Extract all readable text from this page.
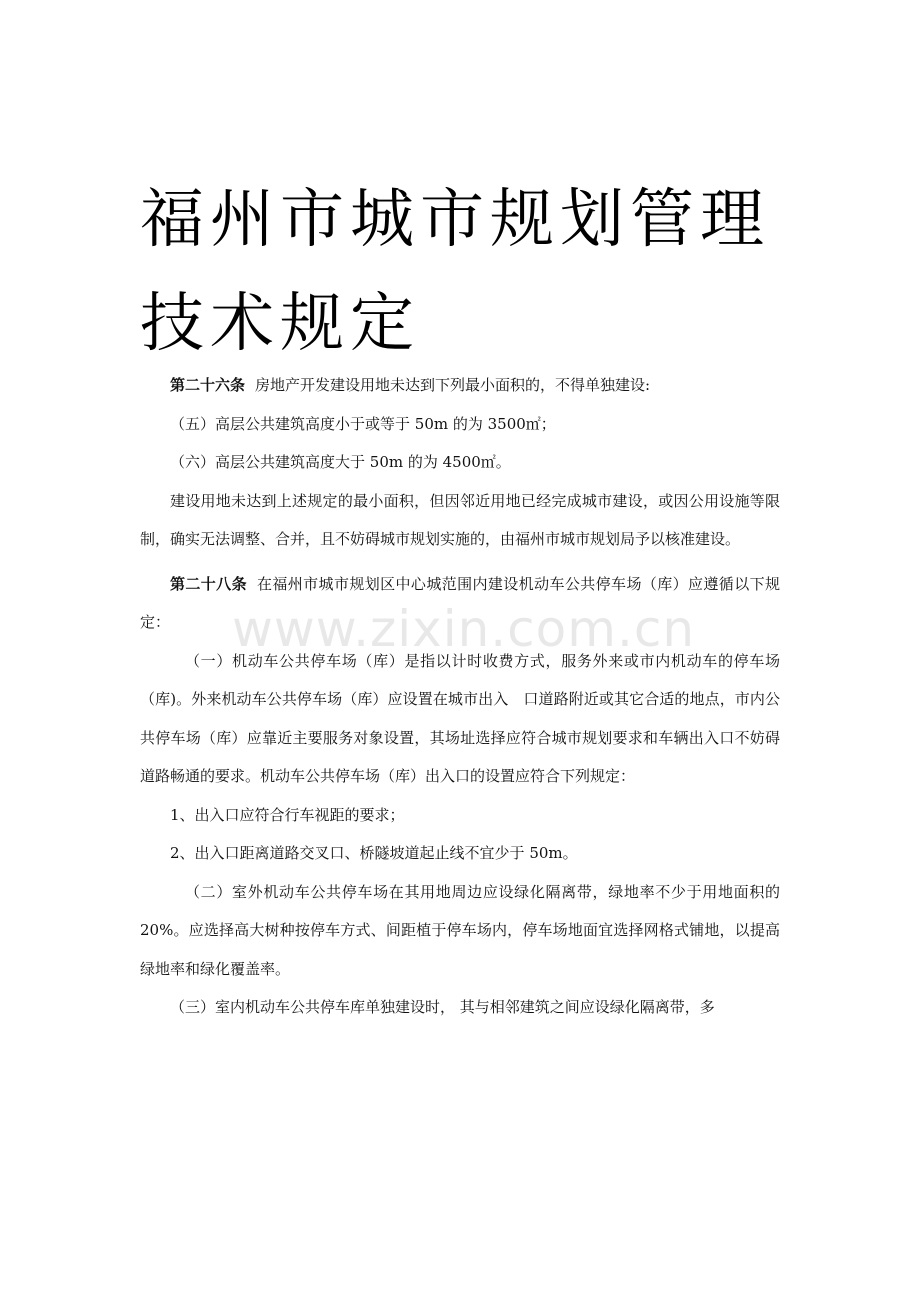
福州市城市规划管理
技术规定
www.zixin.com.cn

第二十六条 房地产开发建设用地未达到下列最小面积的，不得单独建设:

（五）高层公共建筑高度小于或等于 50m 的为 3500㎡；

（六）高层公共建筑高度大于 50m 的为 4500㎡。

建设用地未达到上述规定的最小面积，但因邻近用地已经完成城市建设，或因公用设施等限制，确实无法调整、合并，且不妨碍城市规划实施的，由福州市城市规划局予以核准建设。

第二十八条 在福州市城市规划区中心城范围内建设机动车公共停车场（库）应遵循以下规定：

（一）机动车公共停车场（库）是指以计时收费方式，服务外来或市内机动车的停车场（库)。外来机动车公共停车场（库）应设置在城市出入　口道路附近或其它合适的地点，市内公共停车场（库）应靠近主要服务对象设置，其场址选择应符合城市规划要求和车辆出入口不妨碍道路畅通的要求。机动车公共停车场（库）出入口的设置应符合下列规定：

1、出入口应符合行车视距的要求；

2、出入口距离道路交叉口、桥隧坡道起止线不宜少于 50m。

（二）室外机动车公共停车场在其用地周边应设绿化隔离带，绿地率不少于用地面积的 20%。应选择高大树种按停车方式、间距植于停车场内，停车场地面宜选择网格式铺地，以提高绿地率和绿化覆盖率。

（三）室内机动车公共停车库单独建设时， 其与相邻建筑之间应设绿化隔离带，多
